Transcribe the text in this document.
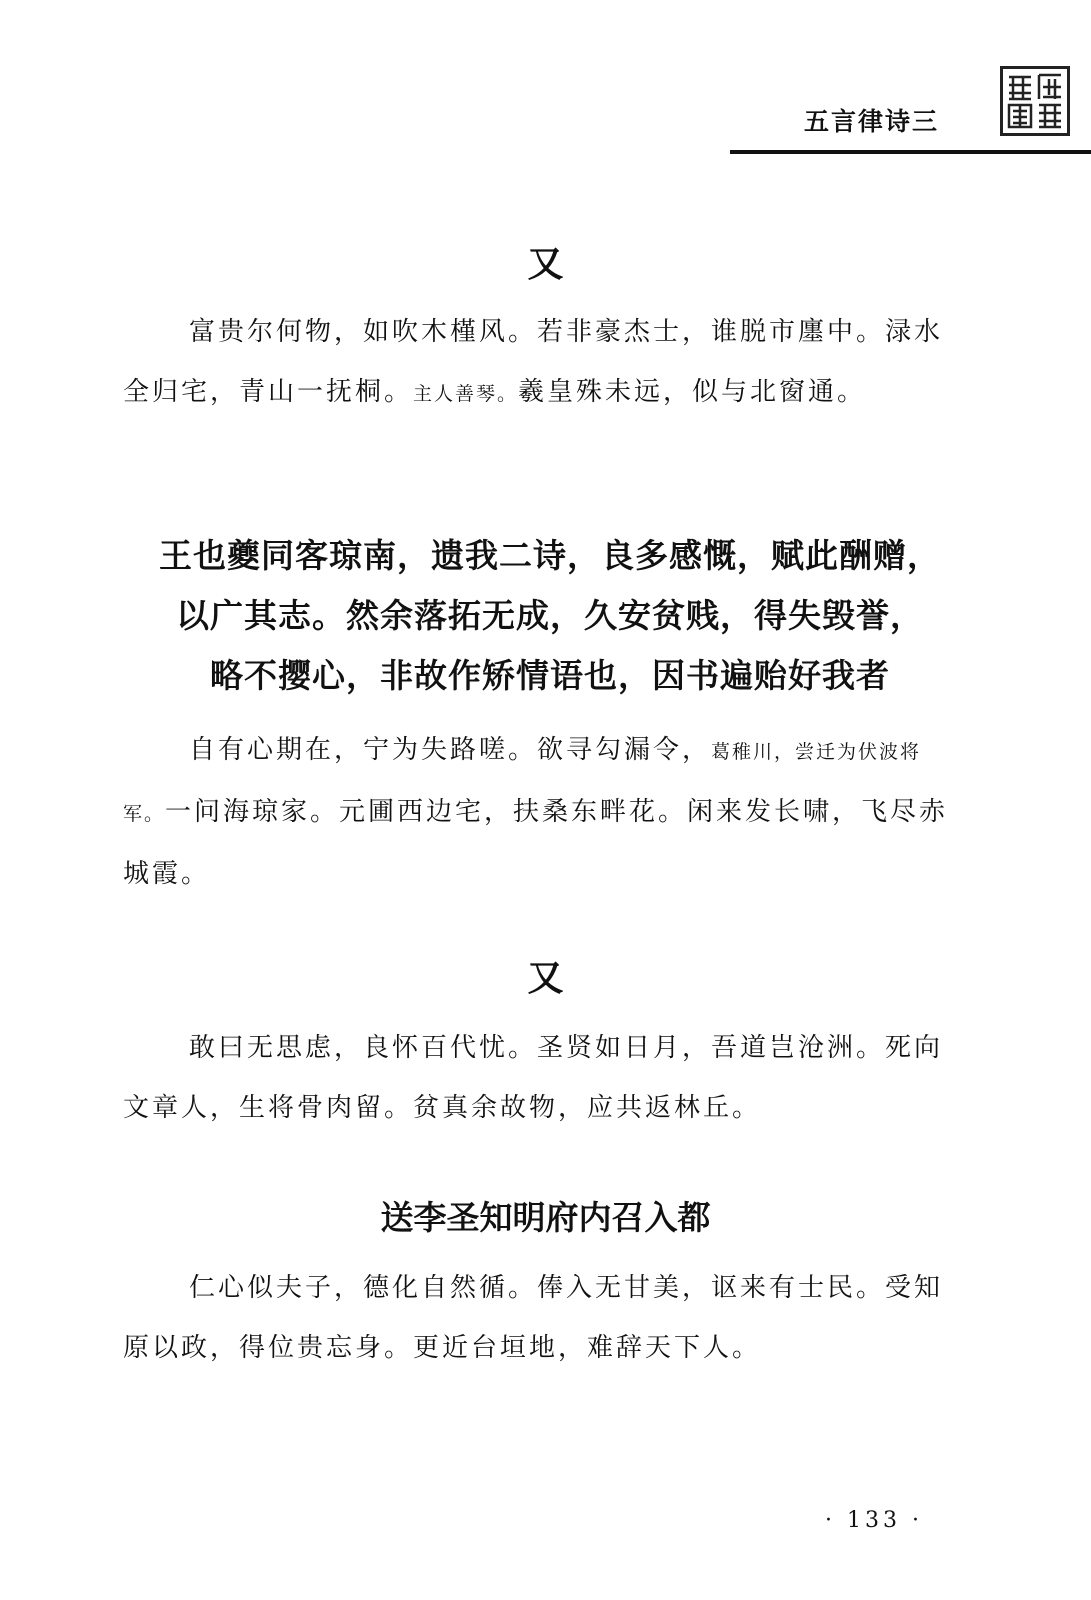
五言律诗三
又
富贵尔何物，如吹木槿风。若非豪杰士，谁脱市廛中。渌水全归宅，青山一抚桐。主人善琴。羲皇殊未远，似与北窗通。
王也夔同客琼南，遗我二诗，良多感慨，赋此酬赠，
以广其志。然余落拓无成，久安贫贱，得失毁誉，
略不撄心，非故作矫情语也，因书遍贻好我者
自有心期在，宁为失路嗟。欲寻勾漏令，葛稚川，尝迁为伏波将军。一问海琼家。元圃西边宅，扶桑东畔花。闲来发长啸，飞尽赤城霞。
又
敢曰无思虑，良怀百代忧。圣贤如日月，吾道岂沧洲。死向文章人，生将骨肉留。贫真余故物，应共返林丘。
送李圣知明府内召入都
仁心似夫子，德化自然循。俸入无甘美，讴来有士民。受知原以政，得位贵忘身。更近台垣地，难辞天下人。
· 133 ·
